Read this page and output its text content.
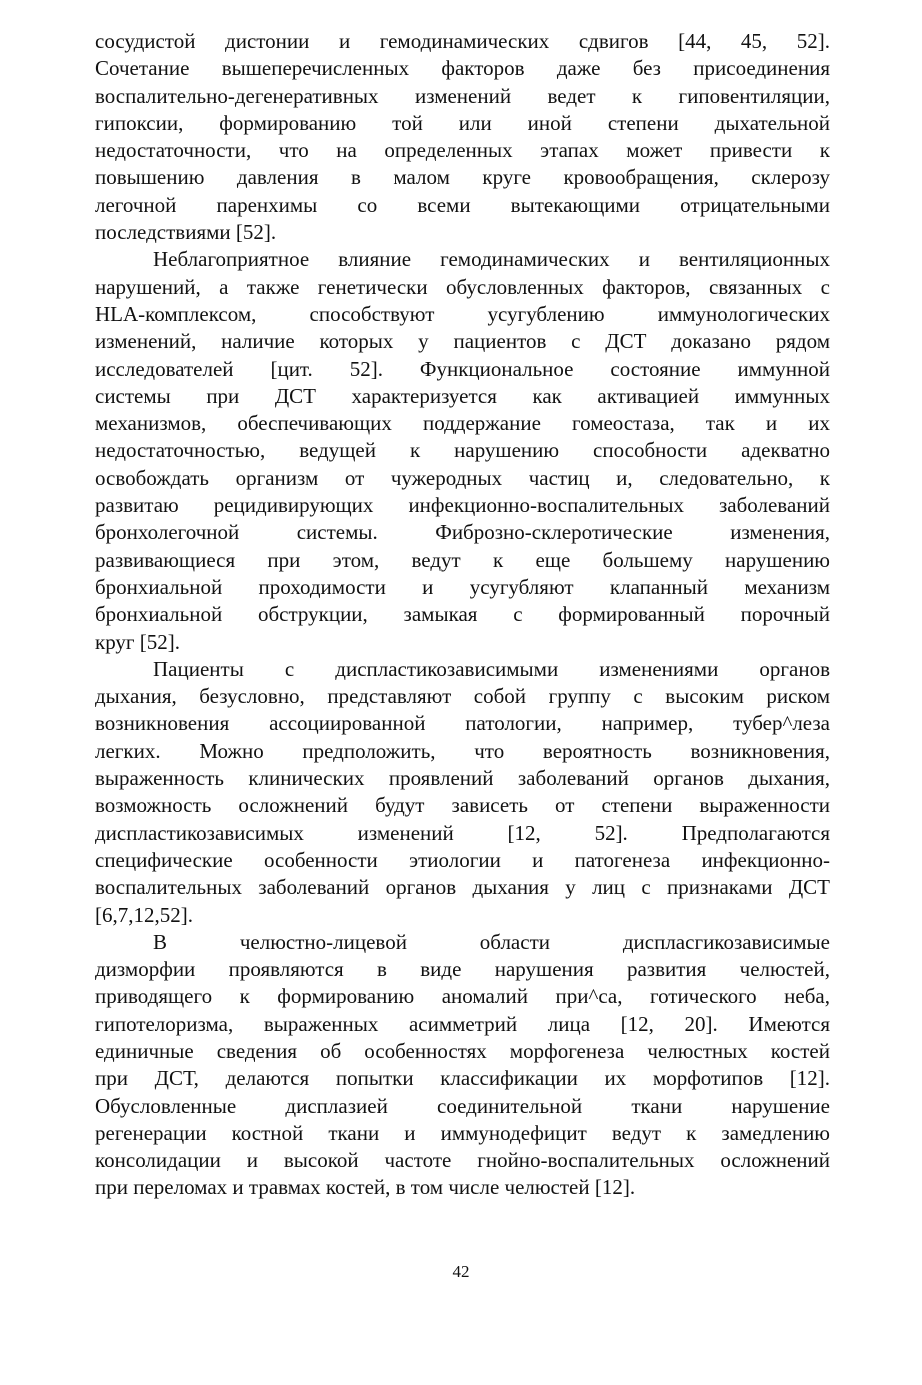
сосудистой дистонии и гемодинамических сдвигов [44, 45, 52].
Сочетание вышеперечисленных факторов даже без присоединения
воспалительно-дегенеративных изменений ведет к гиповентиляции,
гипоксии, формированию той или иной степени дыхательной
недостаточности, что на определенных этапах может привести к
повышению давления в малом круге кровообращения, склерозу
легочной паренхимы со всеми вытекающими отрицательными
последствиями [52].
Неблагоприятное влияние гемодинамических и вентиляционных
нарушений, а также генетически обусловленных факторов, связанных с
HLA-комплексом, способствуют усугублению иммунологических
изменений, наличие которых у пациентов с ДСТ доказано рядом
исследователей [цит. 52]. Функциональное состояние иммунной
системы при ДСТ характеризуется как активацией иммунных
механизмов, обеспечивающих поддержание гомеостаза, так и их
недостаточностью, ведущей к нарушению способности адекватно
освобождать организм от чужеродных частиц и, следовательно, к
развитаю рецидивирующих инфекционно-воспалительных заболеваний
бронхолегочной системы. Фиброзно-склеротические изменения,
развивающиеся при этом, ведут к еще большему нарушению
бронхиальной проходимости и усугубляют клапанный механизм
бронхиальной обструкции, замыкая с формированный порочный
круг [52].
Пациенты с диспластикозависимыми изменениями органов
дыхания, безусловно, представляют собой группу с высоким риском
возникновения ассоциированной патологии, например, тубер^леза
легких. Можно предположить, что вероятность возникновения,
выраженность клинических проявлений заболеваний органов дыхания,
возможность осложнений будут зависеть от степени выраженности
диспластикозависимых изменений [12, 52]. Предполагаются
специфические особенности этиологии и патогенеза инфекционно-
воспалительных заболеваний органов дыхания у лиц с признаками ДСТ
[6,7,12,52].
В челюстно-лицевой области диспласгикозависимые
дизморфии проявляются в виде нарушения развития челюстей,
приводящего к формированию аномалий при^са, готического неба,
гипотелоризма, выраженных асимметрий лица [12, 20]. Имеются
единичные сведения об особенностях морфогенеза челюстных костей
при ДСТ, делаются попытки классификации их морфотипов [12].
Обусловленные дисплазией соединительной ткани нарушение
регенерации костной ткани и иммунодефицит ведут к замедлению
консолидации и высокой частоте гнойно-воспалительных осложнений
при переломах и травмах костей, в том числе челюстей [12].
42
